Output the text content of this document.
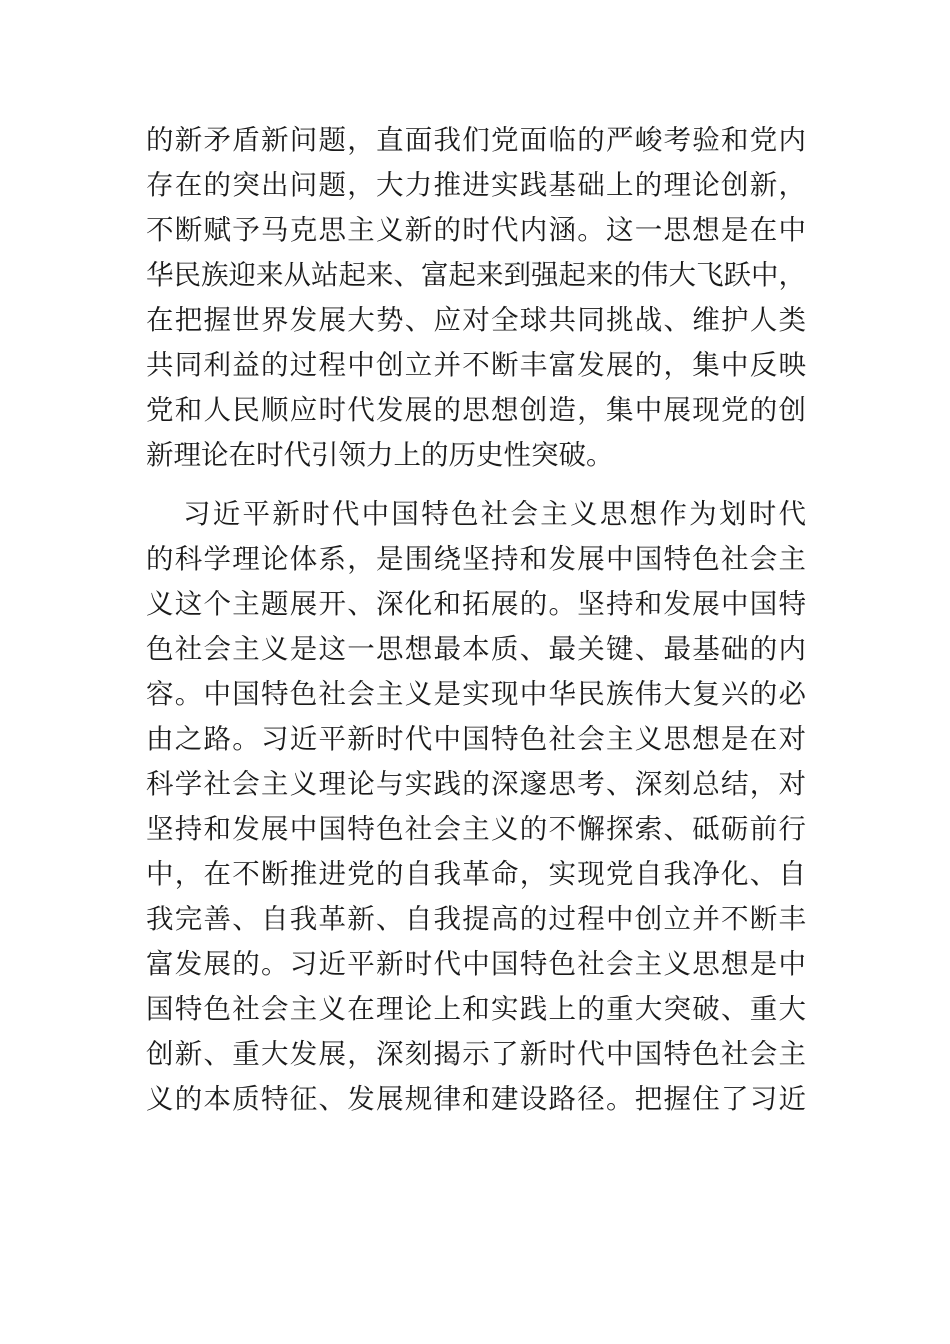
的新矛盾新问题，直面我们党面临的严峻考验和党内
存在的突出问题，大力推进实践基础上的理论创新，
不断赋予马克思主义新的时代内涵。这一思想是在中
华民族迎来从站起来、富起来到强起来的伟大飞跃中，
在把握世界发展大势、应对全球共同挑战、维护人类
共同利益的过程中创立并不断丰富发展的，集中反映
党和人民顺应时代发展的思想创造，集中展现党的创
新理论在时代引领力上的历史性突破。

习近平新时代中国特色社会主义思想作为划时代
的科学理论体系，是围绕坚持和发展中国特色社会主
义这个主题展开、深化和拓展的。坚持和发展中国特
色社会主义是这一思想最本质、最关键、最基础的内
容。中国特色社会主义是实现中华民族伟大复兴的必
由之路。习近平新时代中国特色社会主义思想是在对
科学社会主义理论与实践的深邃思考、深刻总结，对
坚持和发展中国特色社会主义的不懈探索、砥砺前行
中，在不断推进党的自我革命，实现党自我净化、自
我完善、自我革新、自我提高的过程中创立并不断丰
富发展的。习近平新时代中国特色社会主义思想是中
国特色社会主义在理论上和实践上的重大突破、重大
创新、重大发展，深刻揭示了新时代中国特色社会主
义的本质特征、发展规律和建设路径。把握住了习近
